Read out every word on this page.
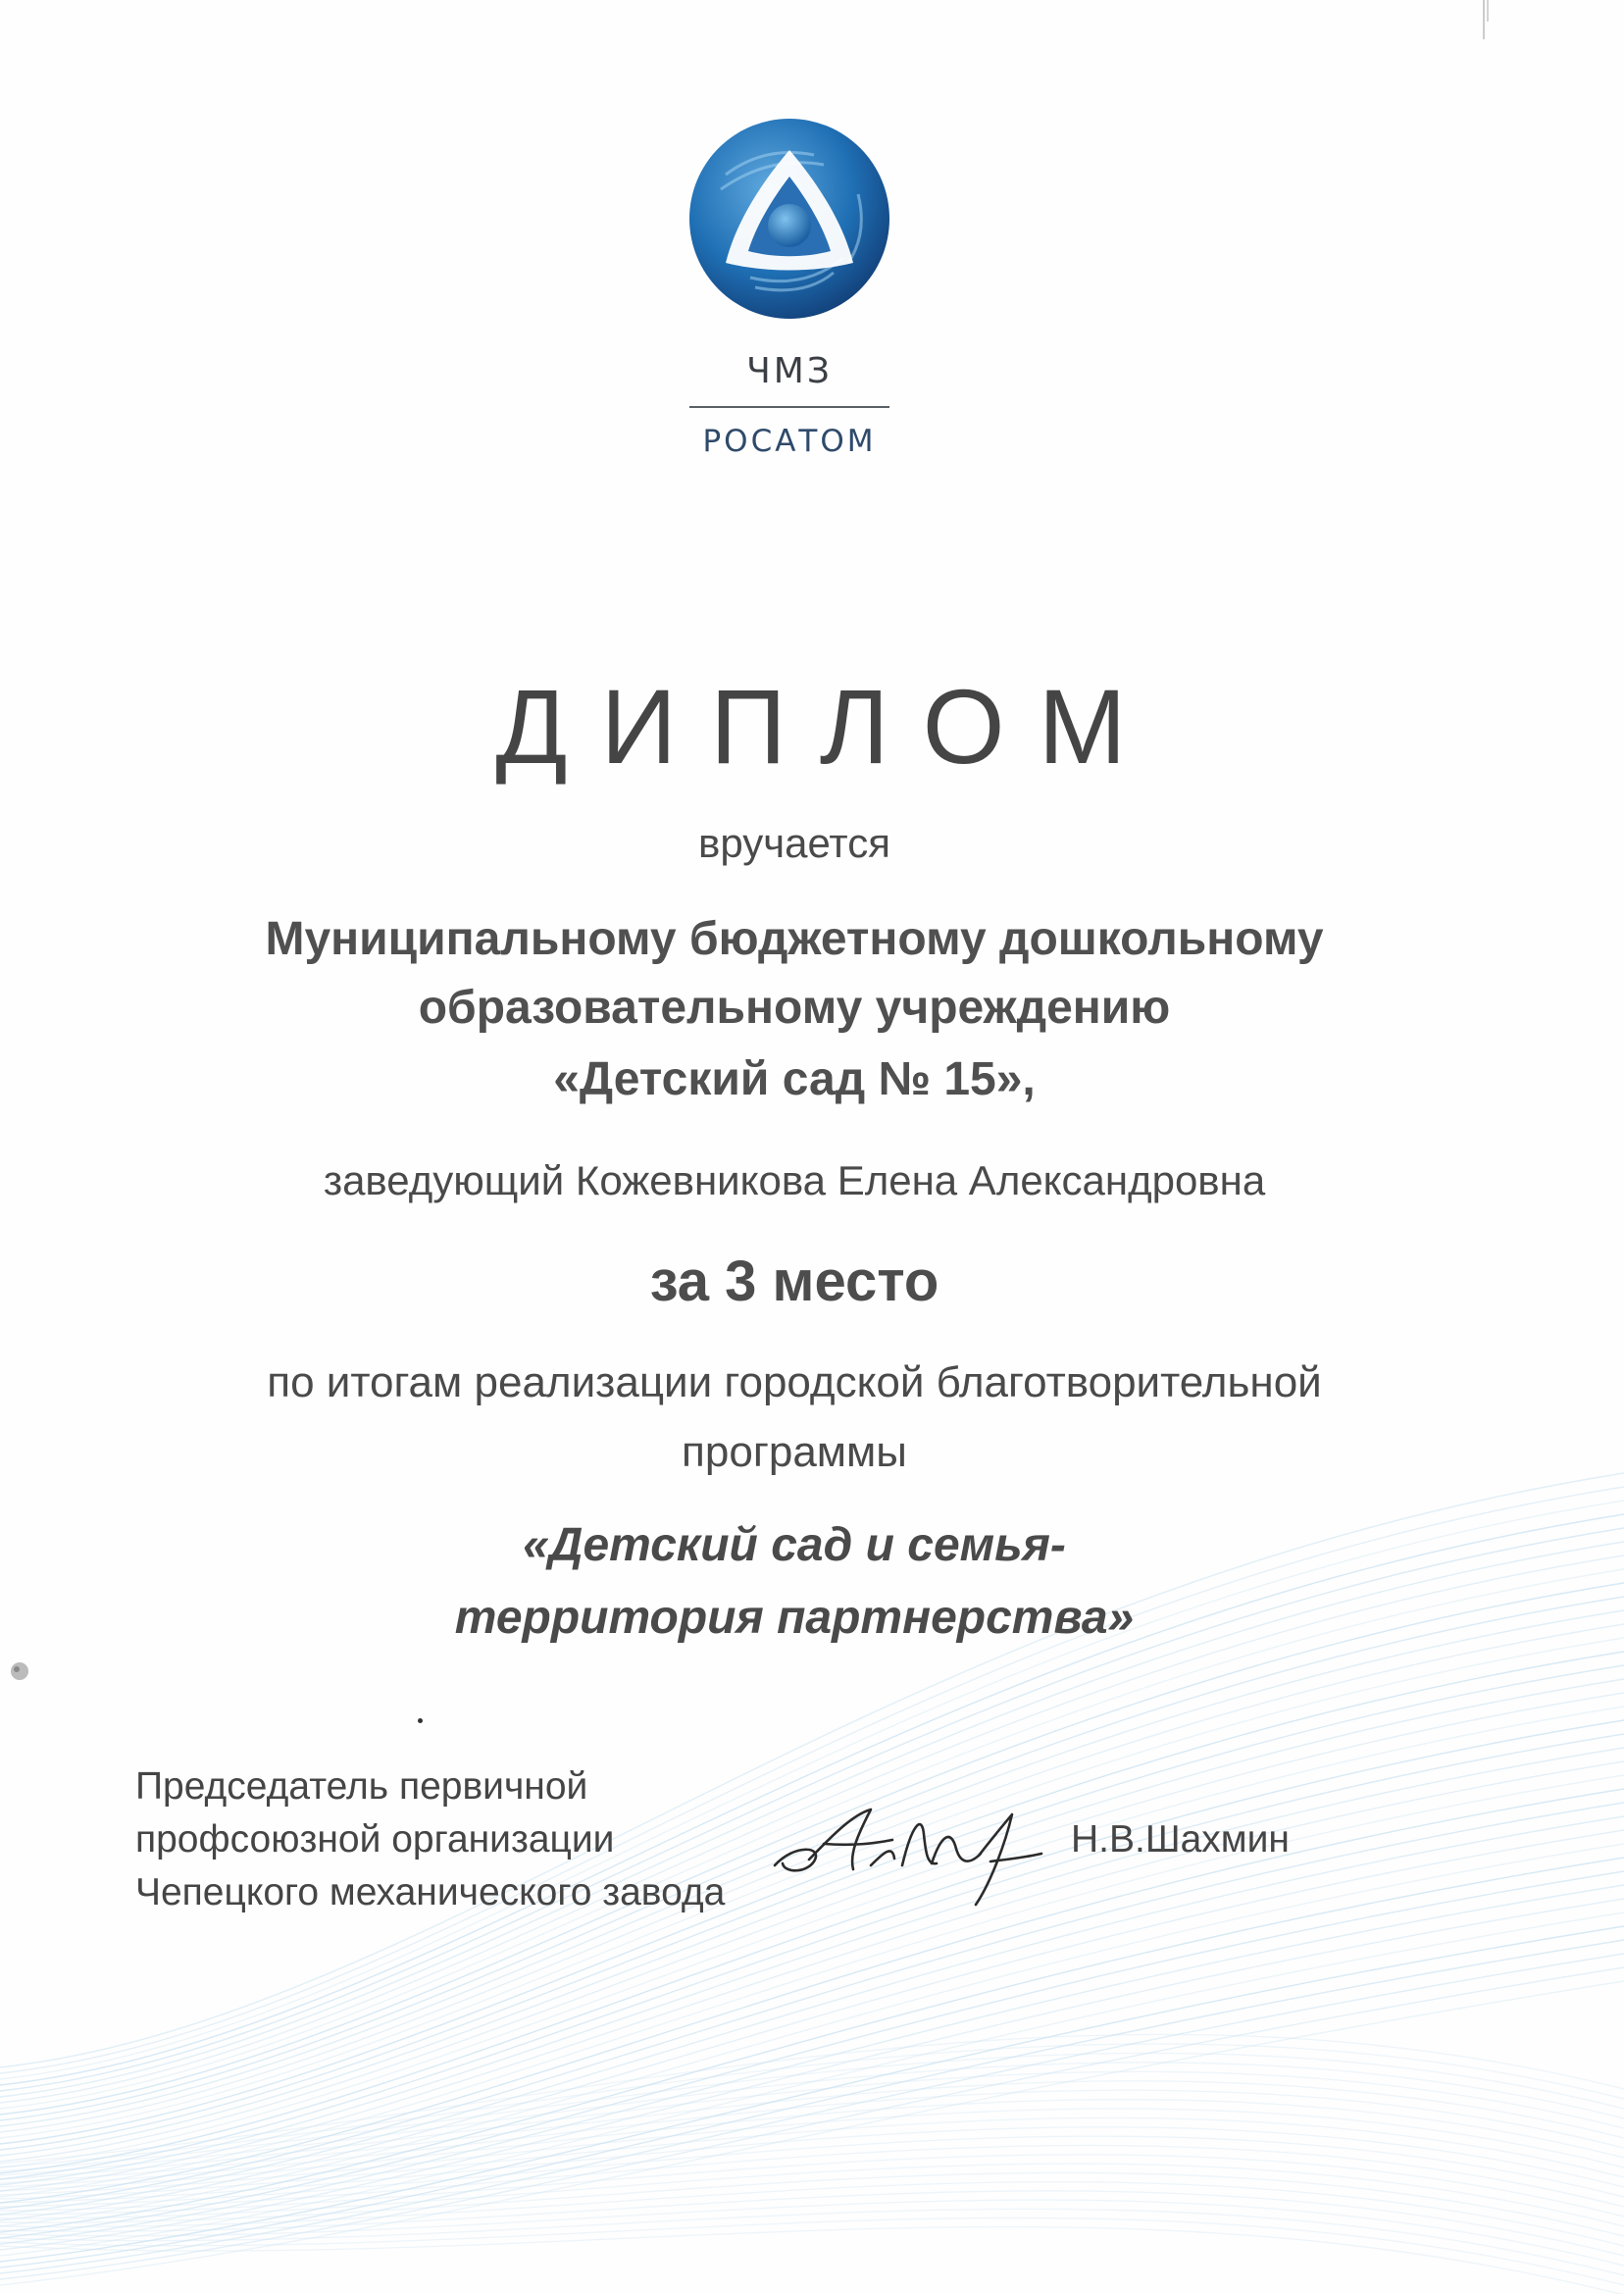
ЧМЗ
РОСАТОМ
ДИПЛОМ
вручается
Муниципальному бюджетному дошкольному
образовательному учреждению
«Детский сад № 15»,
заведующий Кожевникова Елена Александровна
за 3 место
по итогам реализации городской благотворительной
программы
«Детский сад и семья-
территория партнерства»
Председатель первичной
профсоюзной организации
Чепецкого механического завода
Н.В.Шахмин
